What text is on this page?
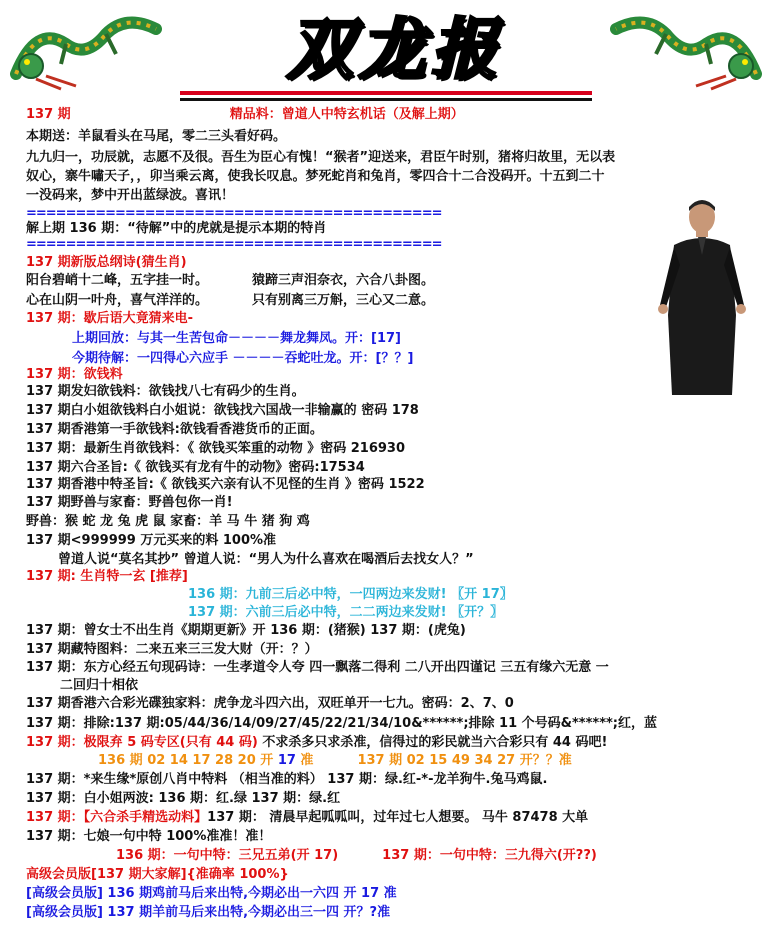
双龙报
137 期	精品料：曾道人中特玄机话（及解上期）
本期送：羊鼠看头在马尾，零二三头看好码。
九九归一，功辰就，志愿不及很。吾生为臣心有愧！“猴者”迎送来，君臣午时别，猪将归故里，无以表
奴心，寨牛嘯天子，，卯当乘云离，使我长叹息。梦死蛇肖和兔肖，零四合十二合没码开。十五到二十
一没码来，梦中开出蓝绿波。喜讯！
==========================================
解上期 136 期：“待解”中的虎就是提示本期的特肖
==========================================
137 期新版总纲诗(猜生肖)
阳台碧峭十二峰，五字挂一时。	猿蹄三声泪奈衣，六合八卦图。
心在山阴一叶舟，喜气洋洋的。	只有别离三万斛，三心又二意。
137 期：歇后语大竟猜来电-
上期回放：与其一生苦包命－－－－舞龙舞凤。开：[17]
今期待解：一四得心六应手 －－－－吞蛇吐龙。开：[？？]
137 期：欲钱料
137 期发妇欲钱料：欲钱找八七有码少的生肖。
137 期白小姐欲钱料白小姐说：欲钱找六国战一非输赢的 密码 178
137 期香港第一手欲钱料:欲钱看香港货币的正面。
137 期：最新生肖欲钱料：《 欲钱买笨重的动物 》密码 216930
137 期六合圣旨:《 欲钱买有龙有牛的动物》密码:17534
137 期香港中特圣旨:《 欲钱买六亲有认不见怪的生肖 》密码 1522
137 期野兽与家畜：野兽包你一肖!
野兽：猴 蛇 龙 兔 虎 鼠 家畜：羊 马 牛 猪 狗 鸡
137 期<999999 万元买来的料 100%准
曾道人说“莫名其抄” 曾道人说：“男人为什么喜欢在喝酒后去找女人？”
137 期: 生肖特一玄 [推荐]
136 期：九前三后必中特，一四两边来发财! 〖开 17〗
137 期：六前三后必中特，二二两边来发财! 〖开？〗
137 期：曾女士不出生肖《期期更新》开 136 期：(猪猴) 137 期：(虎兔)
137 期藏特图料：二来五来三三发大财（开：？）
137 期：东方心经五句现码诗：一生孝道令人夸 四一飘落二得利 二八开出四谨记 三五有缘六无意 一
二回归十相依
137 期香港六合彩光碟独家料：虎争龙斗四六出，双旺单开一七九。密码：2、7、0
137 期：排除:137 期:05/44/36/14/09/27/45/22/21/34/10&******;排除 11 个号码&******;红，蓝
137 期：极限弃 5 码专区(只有 44 码) 不求杀多只求杀准，信得过的彩民就当六合彩只有 44 码吧!
136 期 02 14 17 28 20 开 17 准	137 期 02 15 49 34 27 开？？准
137 期：*来生缘*原创八肖中特料 （相当准的料） 137 期：绿.红-*-龙羊狗牛.兔马鸡鼠.
137 期：白小姐两波: 136 期：红.绿 137 期：绿.红
137 期：【六合杀手精选动料】137 期： 清晨早起呱呱叫，过年过七人想要。 马牛 87478 大单
137 期：七娘一句中特 100%准准！准！
136 期：一句中特：三兄五弟(开 17)	137 期：一句中特：三九得六(开??)
高级会员版[137 期大家解]{准确率 100%}
[高级会员版] 136 期鸡前马后来出特,今期必出一六四 开 17 准
[高级会员版] 137 期羊前马后来出特,今期必出三一四 开？?准
